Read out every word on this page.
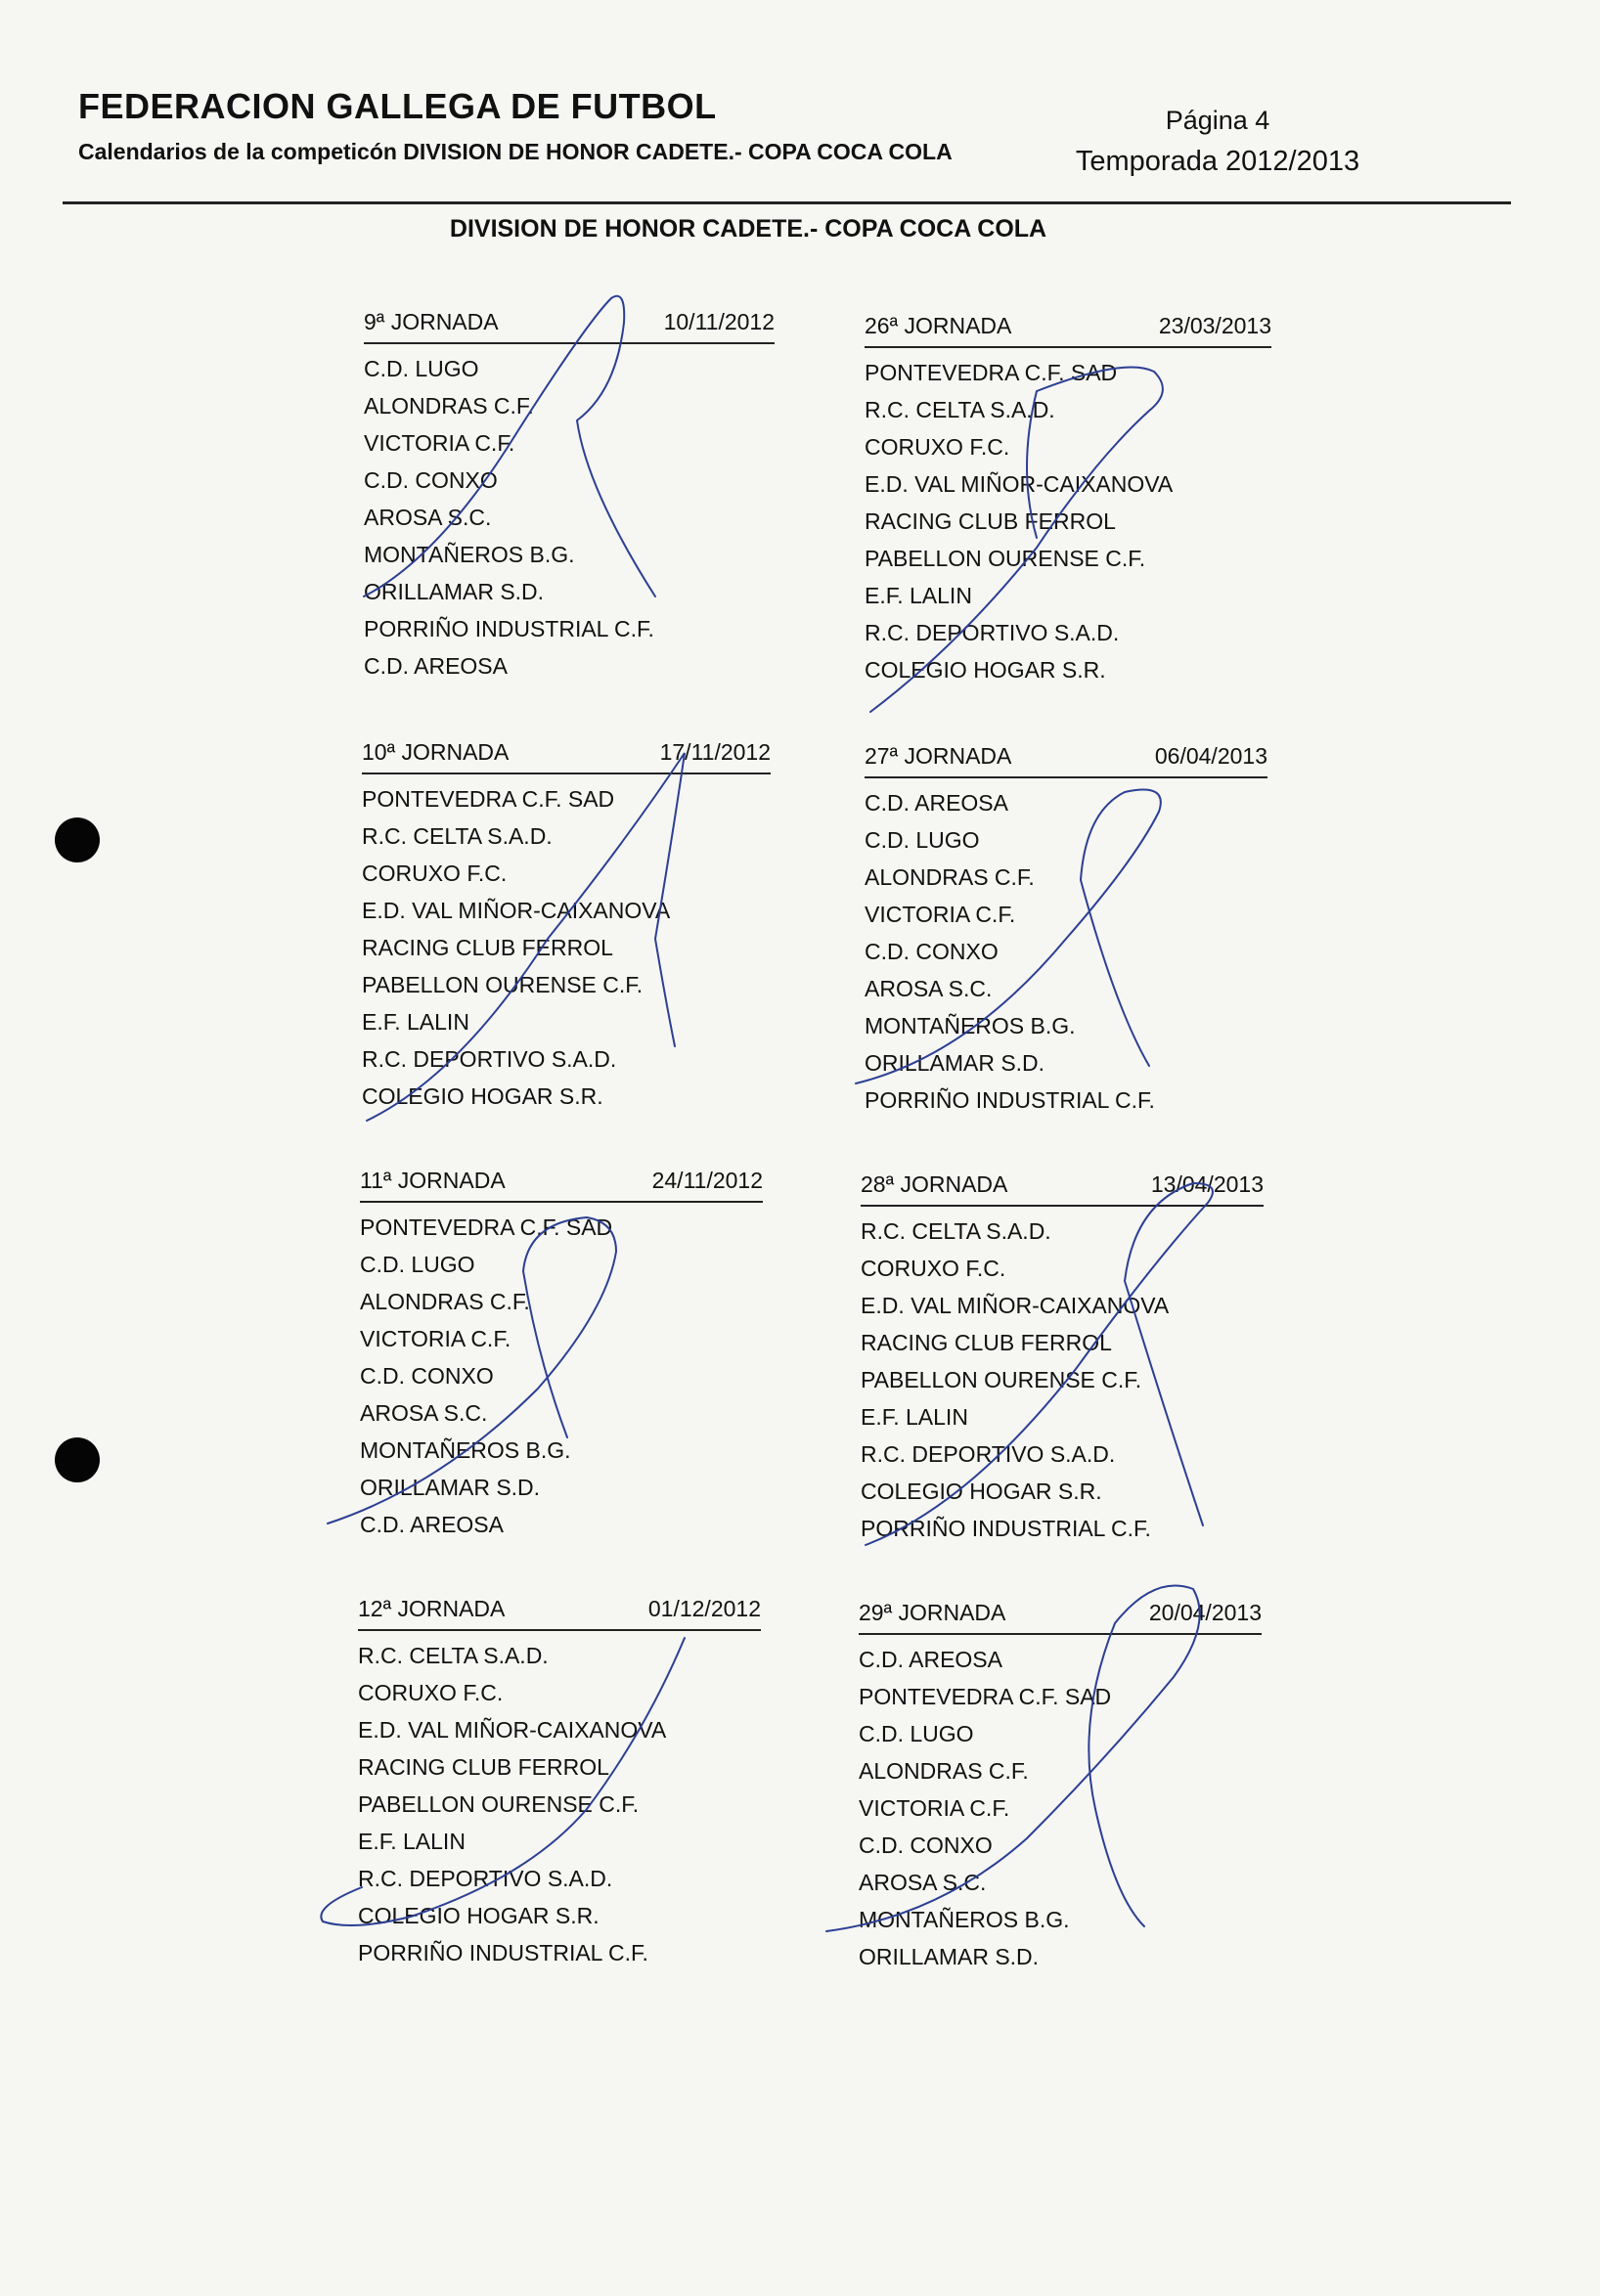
FEDERACION GALLEGA DE FUTBOL
Calendarios de la competicón DIVISION DE HONOR CADETE.- COPA COCA COLA
Página 4
Temporada 2012/2013
DIVISION DE HONOR CADETE.- COPA COCA COLA
9ª JORNADA	10/11/2012
C.D. LUGO
ALONDRAS C.F.
VICTORIA C.F.
C.D. CONXO
AROSA S.C.
MONTAÑEROS B.G.
ORILLAMAR S.D.
PORRIÑO INDUSTRIAL C.F.
C.D. AREOSA
26ª JORNADA	23/03/2013
PONTEVEDRA C.F. SAD
R.C. CELTA S.A.D.
CORUXO F.C.
E.D. VAL MIÑOR-CAIXANOVA
RACING CLUB FERROL
PABELLON OURENSE C.F.
E.F. LALIN
R.C. DEPORTIVO S.A.D.
COLEGIO HOGAR S.R.
10ª JORNADA	17/11/2012
PONTEVEDRA C.F. SAD
R.C. CELTA S.A.D.
CORUXO F.C.
E.D. VAL MIÑOR-CAIXANOVA
RACING CLUB FERROL
PABELLON OURENSE C.F.
E.F. LALIN
R.C. DEPORTIVO S.A.D.
COLEGIO HOGAR S.R.
27ª JORNADA	06/04/2013
C.D. AREOSA
C.D. LUGO
ALONDRAS C.F.
VICTORIA C.F.
C.D. CONXO
AROSA S.C.
MONTAÑEROS B.G.
ORILLAMAR S.D.
PORRIÑO INDUSTRIAL C.F.
11ª JORNADA	24/11/2012
PONTEVEDRA C.F. SAD
C.D. LUGO
ALONDRAS C.F.
VICTORIA C.F.
C.D. CONXO
AROSA S.C.
MONTAÑEROS B.G.
ORILLAMAR S.D.
C.D. AREOSA
28ª JORNADA	13/04/2013
R.C. CELTA S.A.D.
CORUXO F.C.
E.D. VAL MIÑOR-CAIXANOVA
RACING CLUB FERROL
PABELLON OURENSE C.F.
E.F. LALIN
R.C. DEPORTIVO S.A.D.
COLEGIO HOGAR S.R.
PORRIÑO INDUSTRIAL C.F.
12ª JORNADA	01/12/2012
R.C. CELTA S.A.D.
CORUXO F.C.
E.D. VAL MIÑOR-CAIXANOVA
RACING CLUB FERROL
PABELLON OURENSE C.F.
E.F. LALIN
R.C. DEPORTIVO S.A.D.
COLEGIO HOGAR S.R.
PORRIÑO INDUSTRIAL C.F.
29ª JORNADA	20/04/2013
C.D. AREOSA
PONTEVEDRA C.F. SAD
C.D. LUGO
ALONDRAS C.F.
VICTORIA C.F.
C.D. CONXO
AROSA S.C.
MONTAÑEROS B.G.
ORILLAMAR S.D.
